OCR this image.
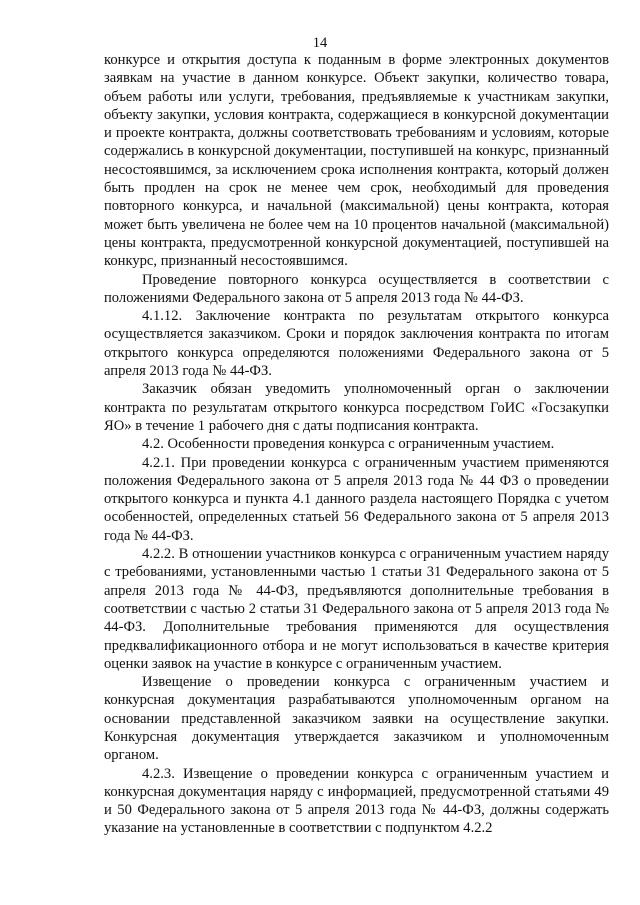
14

конкурсе и открытия доступа к поданным в форме электронных документов заявкам на участие в данном конкурсе. Объект закупки, количество товара, объем работы или услуги, требования, предъявляемые к участникам закупки, объекту закупки, условия контракта, содержащиеся в конкурсной документации и проекте контракта, должны соответствовать требованиям и условиям, которые содержались в конкурсной документации, поступившей на конкурс, признанный несостоявшимся, за исключением срока исполнения контракта, который должен быть продлен на срок не менее чем срок, необходимый для проведения повторного конкурса, и начальной (максимальной) цены контракта, которая может быть увеличена не более чем на 10 процентов начальной (максимальной) цены контракта, предусмотренной конкурсной документацией, поступившей на конкурс, признанный несостоявшимся.

Проведение повторного конкурса осуществляется в соответствии с положениями Федерального закона от 5 апреля 2013 года № 44-ФЗ.

4.1.12. Заключение контракта по результатам открытого конкурса осуществляется заказчиком. Сроки и порядок заключения контракта по итогам открытого конкурса определяются положениями Федерального закона от 5 апреля 2013 года № 44-ФЗ.

Заказчик обязан уведомить уполномоченный орган о заключении контракта по результатам открытого конкурса посредством ГоИС «Госзакупки ЯО» в течение 1 рабочего дня с даты подписания контракта.

4.2. Особенности проведения конкурса с ограниченным участием.

4.2.1. При проведении конкурса с ограниченным участием применяются положения Федерального закона от 5 апреля 2013 года № 44 ФЗ о проведении открытого конкурса и пункта 4.1 данного раздела настоящего Порядка с учетом особенностей, определенных статьей 56 Федерального закона от 5 апреля 2013 года № 44-ФЗ.

4.2.2. В отношении участников конкурса с ограниченным участием наряду с требованиями, установленными частью 1 статьи 31 Федерального закона от 5 апреля 2013 года № 44-ФЗ, предъявляются дополнительные требования в соответствии с частью 2 статьи 31 Федерального закона от 5 апреля 2013 года № 44-ФЗ. Дополнительные требования применяются для осуществления предквалификационного отбора и не могут использоваться в качестве критерия оценки заявок на участие в конкурсе с ограниченным участием.

Извещение о проведении конкурса с ограниченным участием и конкурсная документация разрабатываются уполномоченным органом на основании представленной заказчиком заявки на осуществление закупки. Конкурсная документация утверждается заказчиком и уполномоченным органом.

4.2.3. Извещение о проведении конкурса с ограниченным участием и конкурсная документация наряду с информацией, предусмотренной статьями 49 и 50 Федерального закона от 5 апреля 2013 года № 44-ФЗ, должны содержать указание на установленные в соответствии с подпунктом 4.2.2
